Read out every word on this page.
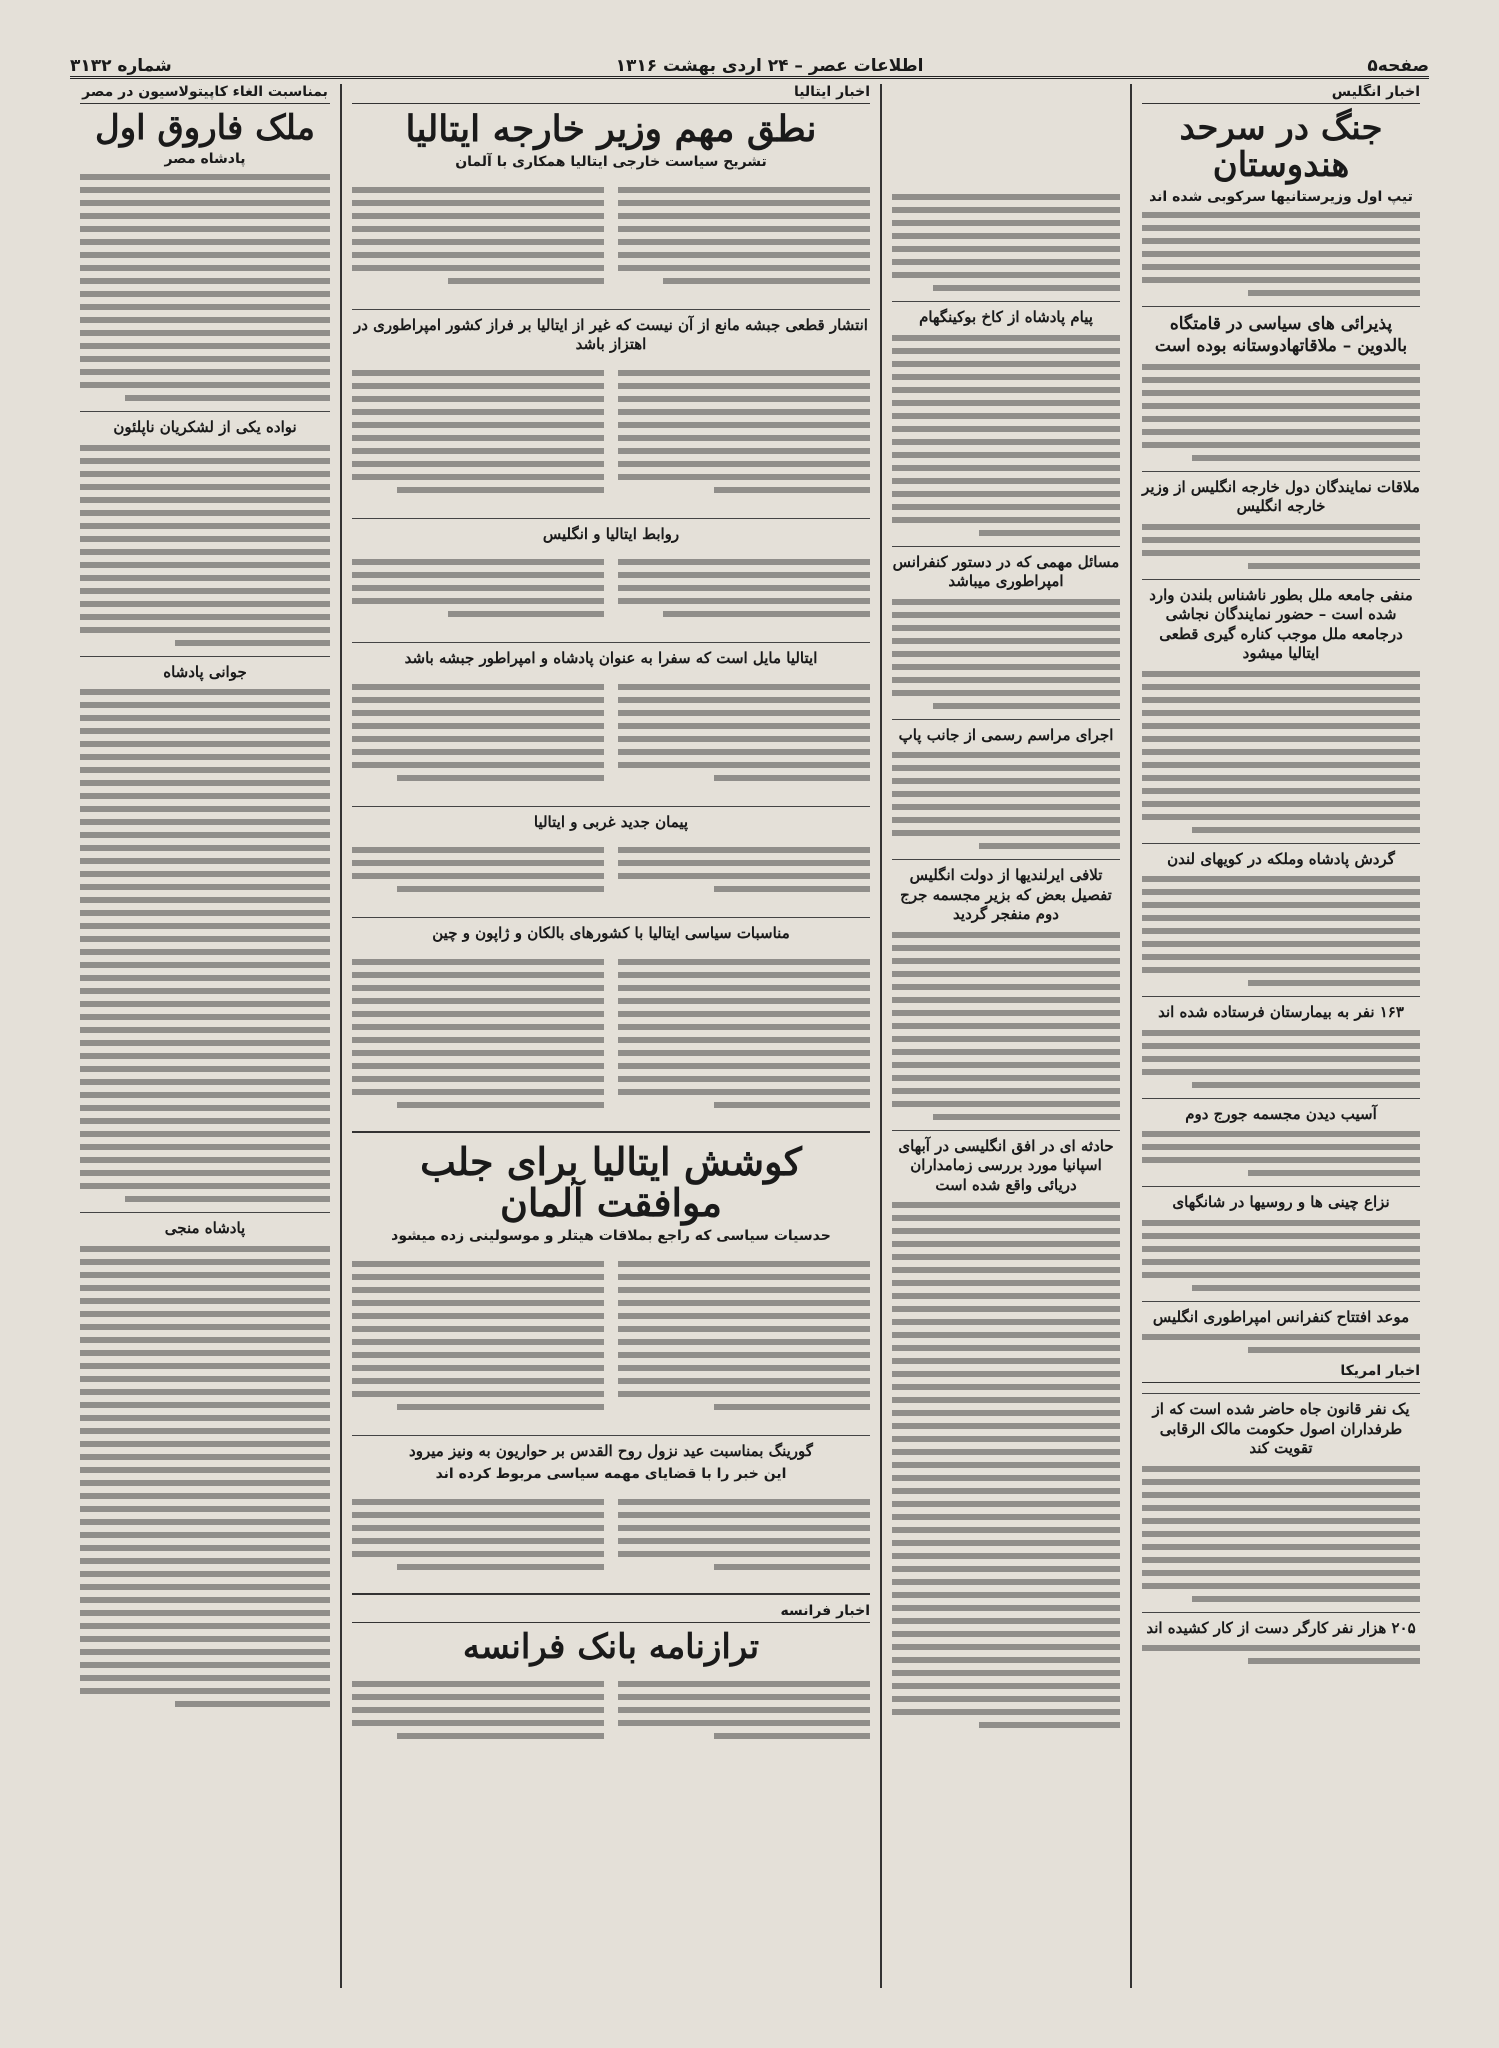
صفحه۵
اطلاعات عصر – ۲۴ اردی بهشت ۱۳۱۶
شماره ۳۱۳۲
اخبار انگلیس
جنگ در سرحد هندوستان
تیپ اول وزیرستانیها سرکوبی شده اند
پذیرائی های سیاسی در قامتگاه بالدوین – ملاقاتهادوستانه بوده است
ملاقات نمایندگان دول خارجه انگلیس از وزیر خارجه انگلیس
منفی جامعه ملل بطور ناشناس بلندن وارد شده است – حضور نمایندگان نجاشی درجامعه ملل موجب کناره گیری قطعی ایتالیا میشود
گردش پادشاه وملکه در کویهای لندن
۱۶۳ نفر به بیمارستان فرستاده شده اند
آسیب دیدن مجسمه جورج دوم
نزاع چینی ها و روسیها در شانگهای
موعد افتتاح کنفرانس امپراطوری انگلیس
اخبار امریکا
یک نفر قانون جاه حاضر شده است که از طرفداران اصول حکومت مالک الرقابی تقویت کند
۲۰۵ هزار نفر کارگر دست از کار کشیده اند
پیام پادشاه از کاخ بوکینگهام
مسائل مهمی که در دستور کنفرانس امپراطوری میباشد
اجرای مراسم رسمی از جانب پاپ
تلافی ایرلندیها از دولت انگلیس تفصیل بعض که بزیر مجسمه جرج دوم منفجر گردید
حادثه ای در افق انگلیسی در آبهای اسپانیا مورد بررسی زمامداران دریائی واقع شده است
اخبار ایتالیا
نطق مهم وزیر خارجه ایتالیا
تشریح سیاست خارجی ایتالیا همکاری با آلمان
انتشار قطعی جبشه مانع از آن نیست که غیر از ایتالیا بر فراز کشور امپراطوری در اهتزاز باشد
روابط ایتالیا و انگلیس
ایتالیا مایل است که سفرا به عنوان پادشاه و امپراطور جبشه باشد
پیمان جدید غربی و ایتالیا
مناسبات سیاسی ایتالیا با کشورهای بالکان و ژاپون و چین
کوشش ایتالیا برای جلب موافقت آلمان
حدسیات سیاسی که راجع بملاقات هیتلر و موسولینی زده میشود
گورینگ بمناسبت عید نزول روح القدس بر حواریون به ونیز میرود
این خبر را با قضایای مهمه سیاسی مربوط کرده اند
اخبار فرانسه
ترازنامه بانک فرانسه
بمناسبت الغاء کاپیتولاسیون در مصر
ملک فاروق اول
پادشاه مصر
نواده یکی از لشکریان ناپلئون
جوانی پادشاه
پادشاه منجی
